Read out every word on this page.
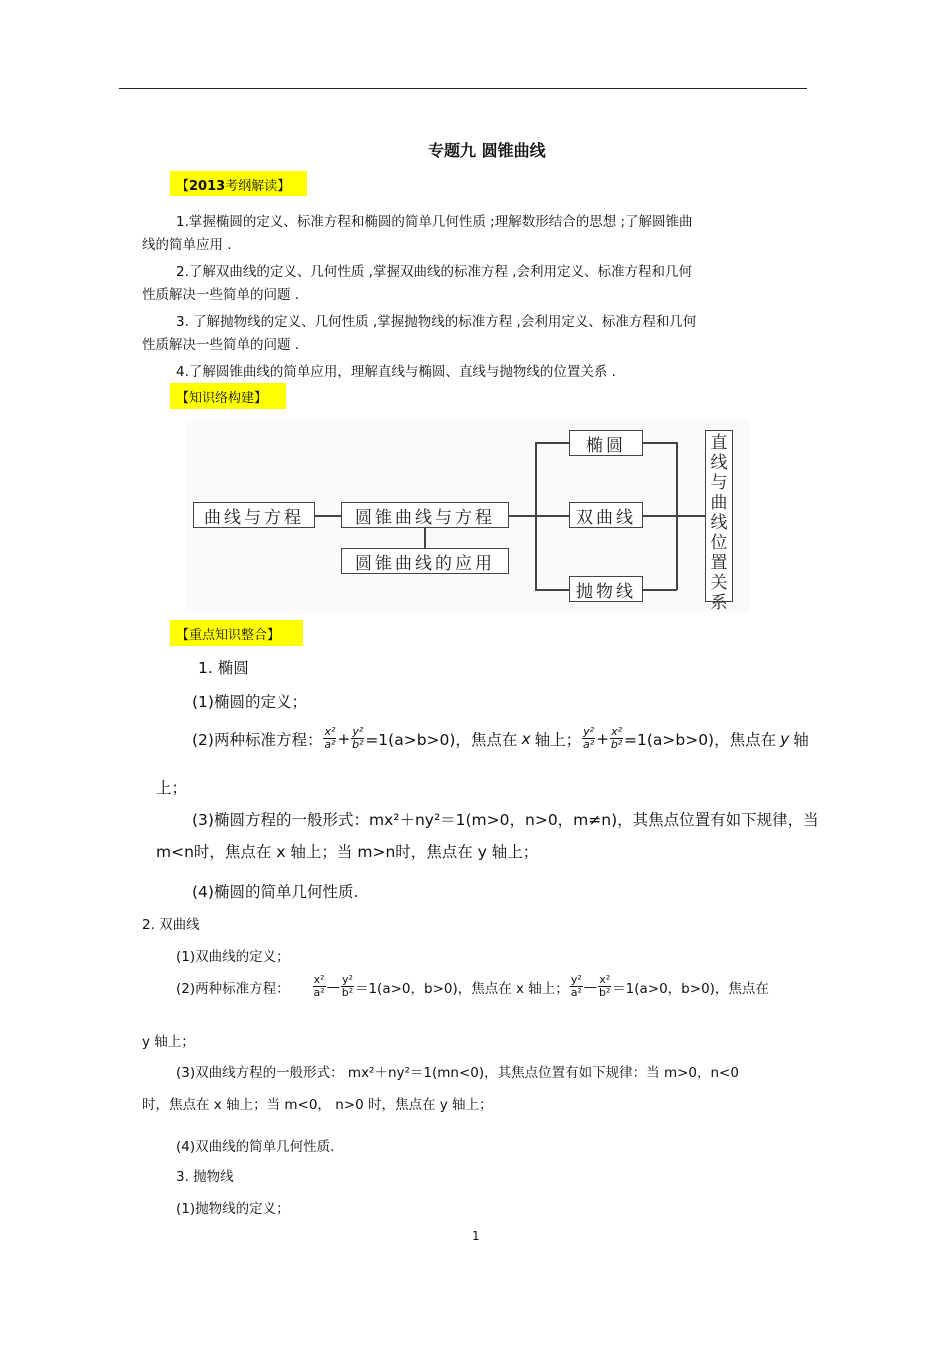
专题九 圆锥曲线
【2013考纲解读】
1.掌握椭圆的定义、标准方程和椭圆的简单几何性质 ;理解数形结合的思想 ;了解圆锥曲
线的简单应用 .
2.了解双曲线的定义、几何性质 ,掌握双曲线的标准方程 ,会利用定义、标准方程和几何
性质解决一些简单的问题 .
3. 了解抛物线的定义、几何性质 ,掌握抛物线的标准方程 ,会利用定义、标准方程和几何
性质解决一些简单的问题 .
4.了解圆锥曲线的简单应用，理解直线与椭圆、直线与抛物线的位置关系 .
【知识络构建】
曲线与方程	圆锥曲线与方程
圆锥曲线的应用
椭圆
双曲线
抛物线
直
线
与
曲
线
位
置
关
系
【重点知识整合】
1. 椭圆
(1)椭圆的定义；
(2)两种标准方程： $\frac{\text{x²}}{\text{a²}} + \frac{\text{y²}}{\text{b²}} =1(a>b>0)$，焦点在 x 轴上； $\frac{\text{y²}}{\text{a²}} + \frac{\text{x²}}{\text{b²}} =1(a>b>0)$，焦点在 y 轴
上；
(3)椭圆方程的一般形式：mx²＋ny²＝1(m>0，n>0，m≠n)，其焦点位置有如下规律，当
m<n时，焦点在 x 轴上；当 m>n时，焦点在 y 轴上；
(4)椭圆的简单几何性质.
2. 双曲线
(1)双曲线的定义；
(2)两种标准方程： $\frac{\text{x²}}{\text{a²}}$ — $\frac{\text{y²}}{\text{b²}} =1(a>0$，b>0)，焦点在 x 轴上； $\frac{\text{y²}}{\text{a²}}$ — $\frac{\text{x²}}{\text{b²}} =1(a>0$，b>0)，焦点在
y 轴上；
(3)双曲线方程的一般形式： mx²＋ny²＝1(mn<0)，其焦点位置有如下规律：当 m>0，n<0
时，焦点在 x 轴上；当 m<0， n>0 时，焦点在 y 轴上；
(4)双曲线的简单几何性质.
3. 抛物线
(1)抛物线的定义；
1
